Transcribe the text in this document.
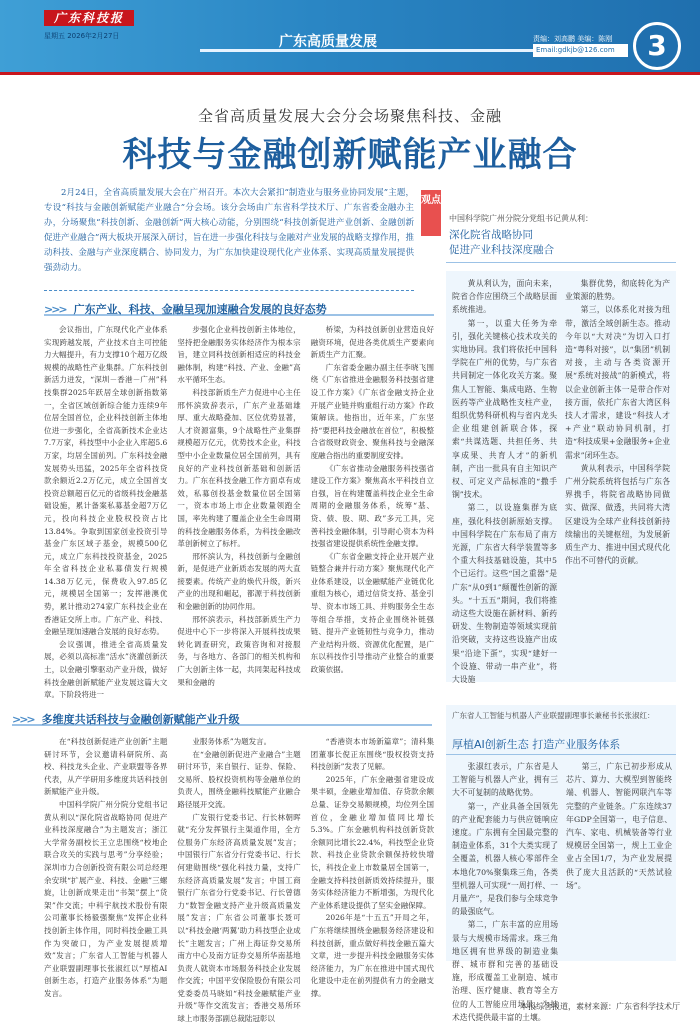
广东科技报
星期五 2026年2月27日	广东高质量发展	责编：刘高鹏 美编：陈刚
Email:gdkjb@126.com	3
全省高质量发展大会分会场聚焦科技、金融
科技与金融创新赋能产业融合
2月24日，全省高质量发展大会在广州召开。本次大会紧扣“制造业与服务业协同发展”主题，专设“科技与金融创新赋能产业融合”分会场。该分会场由广东省科学技术厅、广东省委金融办主办，分场聚焦“科技创新、金融创新”两大核心动能，分别围绕“科技创新促进产业创新、金融创新促进产业融合”两大板块开展深入研讨，旨在进一步强化科技与金融对产业发展的战略支撑作用，推动科技、金融与产业深度耦合、协同发力，为广东加快建设现代化产业体系、实现高质量发展提供强劲动力。
观点
中国科学院广州分院分党组书记黄从利：
深化院省战略协同
促进产业科技深度融合

黄从利认为，面向未来，院省合作应围绕三个战略层面系统推进。

第一，以重大任务为牵引，强化关键核心技术攻关的实地协同。我们将依托中国科学院在广州的优势，与广东省共同制定一体化攻关方案。聚焦人工智能、集成电路、生物医药等产业战略性支柱产业，组织优势科研机构与省内龙头企业组建创新联合体，探索“共谋选题、共担任务、共享成果、共育人才”的新机制，产出一批具有自主知识产权、可定义产品标准的“撒手锏”技术。

第二，以设施集群为底座，强化科技创新原始支撑。中国科学院在广东布局了南方光源，广东省大科学装置等多个重大科技基础设施，其中5个已运行。这些“国之重器”是广东“从0到1”颠覆性创新的源头。“十五五”期间，我们将推动这些大设施在新材料、新药研发、生物制造等领域实现前沿突破，支持这些设施产出成果“沿途下蛋”，实现“建好一个设施、带动一串产业”，将大设施

集群优势，彻底转化为产业策源的胜势。

第三，以体系化对接为纽带，激活全域创新生态。推动今年以“大对决”为切入口打造“粤科对接”，以“集团”机制对接，主动与各类资源开展“系统对接战”的新模式，将以企业创新主体一是带合作对接方面，依托广东省大湾区科技人才需求，建设“科技人才+产业”联动协同机制，打造“科技成果+金融服务+企业需求”闭环生态。

黄从利表示，中国科学院广州分院系统将包括与广东各界携手，将院省战略协同做实、做深、做透，共同将大湾区建设为全球产业科技创新持续输出的关键枢纽，为发展新质生产力、推进中国式现代化作出不可替代的贡献。

>>> 广东产业、科技、金融呈现加速融合发展的良好态势

会议指出，广东现代化产业体系实现跨越发展，产业技术自主可控能力大幅提升，有力支撑10个超万亿级规模的战略性产业集群。广东科技创新活力迸发，“深圳－香港－广州”科技集群2025年跃居全球创新指数第一，全省区域创新综合能力连续9年位居全国首位，企业科技创新主体地位进一步强化，全省高新技术企业达7.7万家，科技型中小企业入库超5.6万家，均居全国前列。广东科技金融发展势头迅猛，2025年全省科技贷款余额近2.2万亿元，成立全国首支投资总额超百亿元的省级科技金融基础设施，累计备案私募基金超7万亿元，投向科技企业股权投资占比13.84%。争取到国家创业投资引导基金广东区域子基金，规模500亿元，成立广东科技投资基金，2025年全省科技企业私募债发行规模14.38万亿元，保费收入97.85亿元，规模居全国第一；发挥港澳优势，累计推动274家广东科技企业在香港证交所上市。广东产业、科技、金融呈现加速融合发展的良好态势。

会议强调，推进全省高质量发展，必须以高标准“活水”浇灌创新沃土，以金融引擎驱动产业升级，做好科技金融创新赋能产业发展这篇大文章。下阶段将进一

步强化企业科技创新主体地位，坚持把金融服务实体经济作为根本宗旨，建立同科技创新相适应的科技金融体制，构建“科技、产业、金融”高水平循环生态。

科技部新质生产力促进中心主任邢怀滨致辞表示，广东产业基础雄厚、重大战略叠加、区位优势显著，人才资源富集，9个战略性产业集群规模超万亿元，优势技术企业，科技型中小企业数量位居全国前列，具有良好的产业科技创新基础和创新活力。广东在科技金融工作方面卓有成效，私募创投基金数量位居全国第一，资本市场上市企业数量领跑全国，率先构建了覆盖企业全生命周期的科技金融服务体系，为科技金融改革创新树立了标杆。

邢怀滨认为，科技创新与金融创新，是促进产业新质态发展的两大直接要素。传统产业的焕代升级，新兴产业的出现和崛起，都源于科技创新和金融创新的协同作用。

邢怀滨表示，科技部新质生产力促进中心下一步将深入开展科技成果转化调查研究，政策咨询和对接服务，与各地方、各部门的相关机构和广大创新主体一起，共同架起科技成果和金融的

桥梁，为科技创新创业营造良好融资环境，促进各类优质生产要素向新质生产力汇聚。

广东省委金融办副主任李晓飞围绕《广东省推进金融服务科技强省建设工作方案》《广东省金融支持企业开展产业链并购重组行动方案》作政策解读。他指出，近年来，广东坚持“要把科技金融放在首位”，积极整合省级财政资金、聚焦科技与金融深度融合指出的重要制度安排。

《广东省推动金融服务科技强省建设工作方案》聚焦高水平科技自立自强，旨在构建覆盖科技企业全生命周期的金融服务体系，统筹“基、贷、债、股、期、政”多元工具，完善科技金融体制，引导耐心资本为科技强省建设提供系统性金融支撑。

《广东省金融支持企业开展产业链整合兼并行动方案》聚焦现代化产业体系建设，以金融赋能产业链优化重组为核心，通过信贷支持、基金引导、资本市场工具、并购服务全生态等组合举措，支持企业围绕补链强链、提升产业链韧性与竞争力，推动产业结构升级、资源优化配置，是广东以科技作引导推动产业整合的重要政策依据。

>>> 多维度共话科技与金融创新赋能产业升级

在“科技创新促进产业创新”主题研讨环节，会议邀请科研院所、高校、科技龙头企业、产业联盟等各界代表，从产学研用多维度共话科技创新赋能产业升级。

中国科学院广州分院分党组书记黄从利以“深化院省战略协同 促进产业科技深度融合”为主题发言；浙江大学常务副校长王立忠围绕“校地企联合攻关的实践与思考”分享经验；深圳市力合创新投资有限公司总经理余安琪“扩展产业、科技、金融”三螺旋，让创新成果走出“书架”摆上“货架”作交流；中科宇航技术股份有限公司董事长杨毅强聚焦“发挥企业科技创新主体作用，同时科技金融工具作为突破口，为产业发展提质增效”发言；广东省人工智能与机器人产业联盟副理事长张淑红以“厚植AI创新生态，打造产业服务体系”为题发言。

业服务体系”为题发言。

在“金融创新促进产业融合”主题研讨环节，来自银行、证券、保险、交易所、股权投资机构等金融单位的负责人，围绕金融科技赋能产业融合路径展开交流。

广发银行党委书记、行长林朝晖就“充分发挥银行主渠道作用，全方位服务广东经济高质量发展”发言；中国银行广东省分行党委书记、行长何建勋围绕“强化科技力量，支持广东经济高质量发展”发言；中国工商银行广东省分行党委书记、行长曾德力“数智金融支持产业升级高质量发展”发言；广东省公司董事长聂可以“科技金融‘两翼’助力科技型企业成长”主题发言；广州上海证券交易所南方中心及南方证券交易所华南基地负责人就资本市场服务科技企业发展作交流；中国平安保险股份有限公司党委委员马晓如“科技金融赋能产业升级”等作交流发言；香港交易所环球上市服务部副总裁陆冠彰以

“香港资本市场新篇章”；清科集团董事长倪正东围绕“股权投资支持科技创新”发表了见解。

2025年，广东金融强省建设成果丰硕，金融业增加值、存贷款余额总量、证券交易额规模，均位列全国首位，金融业增加值同比增长5.3%。广东金融机构科技创新贷款余额同比增长22.4%，科技型企业贷款、科技企业贷款余额保持较快增长，科技企业上市数量居全国第一，金融支持科技创新质效持续提升，服务实体经济能力不断增强，为现代化产业体系建设提供了坚实金融保障。

2026年是“十五五”开局之年，广东将继续围绕金融服务经济建设和科技创新，重点做好科技金融五篇大文章，进一步提升科技金融服务实体经济能力，为广东在推进中国式现代化建设中走在前列提供有力的金融支撑。

广东省人工智能与机器人产业联盟副理事长兼秘书长张淑红：
厚植AI创新生态 打造产业服务体系

张淑红表示，广东省是人工智能与机器人产业，拥有三大不可复制的战略优势。

第一，产业具备全国领先的产业配套能力与供应链响应速度。广东拥有全国最完整的制造业体系，31个大类实现了全覆盖，机器人核心零部件全本地化70%聚集珠三角，各类型机器人可实现“一周打样、一月量产”，是我们参与全球竞争的最强底气。

第二，广东丰富的应用场景与大规模市场需求。珠三角地区拥有世界级的制造业集群、城市群和完善的基础设施，形成覆盖工业制造、城市治理、医疗健康、教育等全方位的人工智能应用场景，为技术迭代提供最丰富的土壤。

第三，广东已初步形成从芯片、算力、大模型到智能终端、机器人、智能网联汽车等完整的产业链条。广东连续37年GDP全国第一，电子信息、汽车、家电、机械装备等行业规模居全国第一，规上工业企业占全国1/7，为产业发展提供了庞大且活跃的“天然试验场”。

本报综合报道，素材来源：广东省科学技术厅
